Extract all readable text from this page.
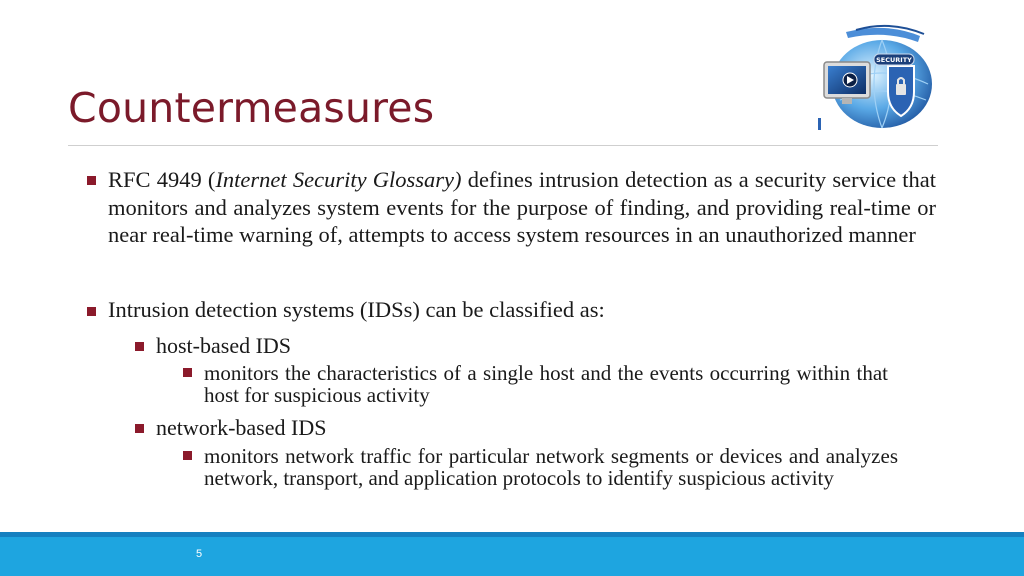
Countermeasures
SECURITY

RFC 4949 (Internet Security Glossary) defines intrusion detection as a security service that monitors and analyzes system events for the purpose of finding, and providing real-time or near real-time warning of, attempts to access system resources in an unauthorized manner

Intrusion detection systems (IDSs) can be classified as:

host-based IDS

monitors the characteristics of a single host and the events occurring within that host for suspicious activity

network-based IDS

monitors network traffic for particular network segments or devices and analyzes network, transport, and application protocols to identify suspicious activity

5
